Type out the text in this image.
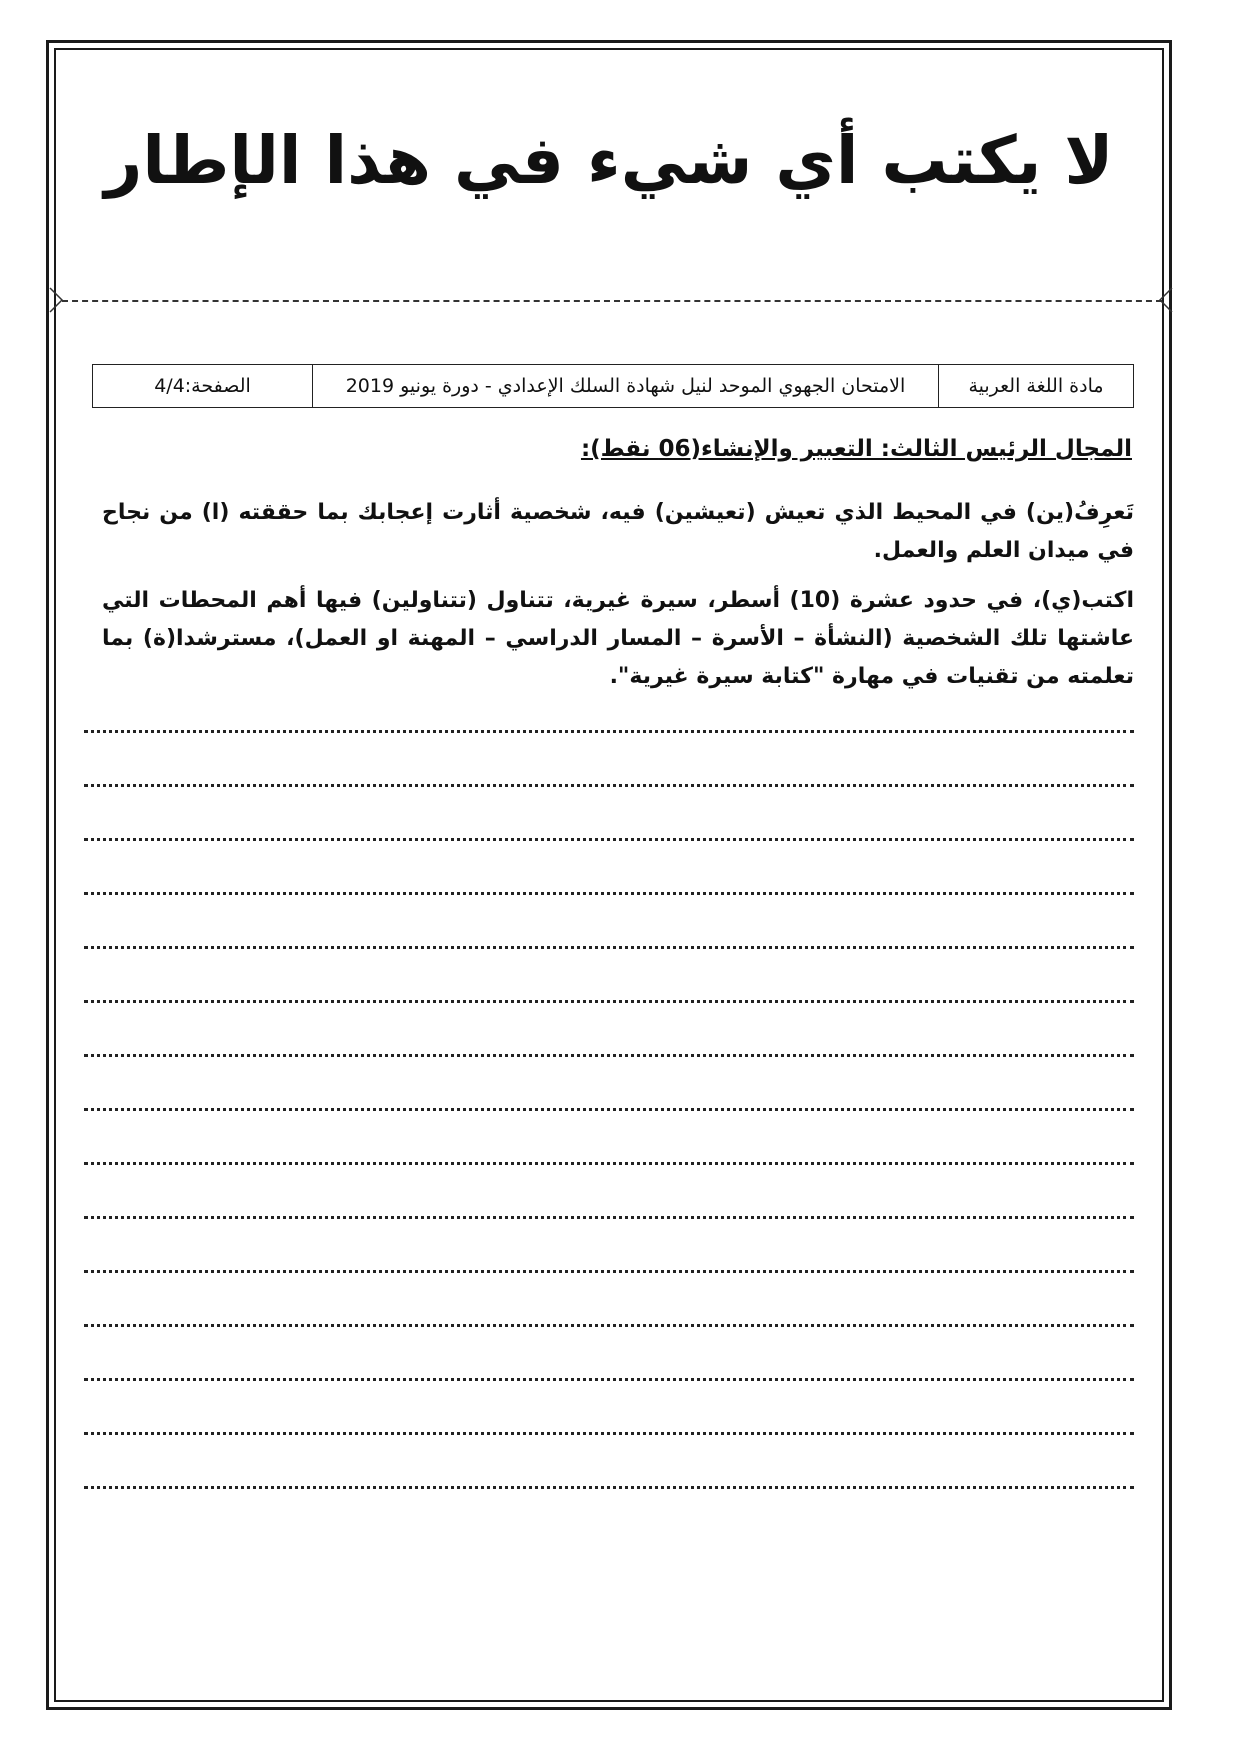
لا يكتب أي شيء في هذا الإطار
مادة اللغة العربية
الامتحان الجهوي الموحد لنيل شهادة السلك الإعدادي - دورة يونيو 2019
الصفحة:4/4
المجال الرئيس الثالث: التعبير والإنشاء(06 نقط):
تَعرِفُ(ين) في المحيط الذي تعيش (تعيشين) فيه، شخصية أثارت إعجابك بما حققته (ا) من نجاح في ميدان العلم والعمل.
اكتب(ي)، في حدود عشرة (10) أسطر، سيرة غيرية، تتناول (تتناولين) فيها أهم المحطات التي عاشتها تلك الشخصية (النشأة – الأسرة – المسار الدراسي – المهنة او العمل)، مسترشدا(ة) بما تعلمته من تقنيات في مهارة "كتابة سيرة غيرية".
